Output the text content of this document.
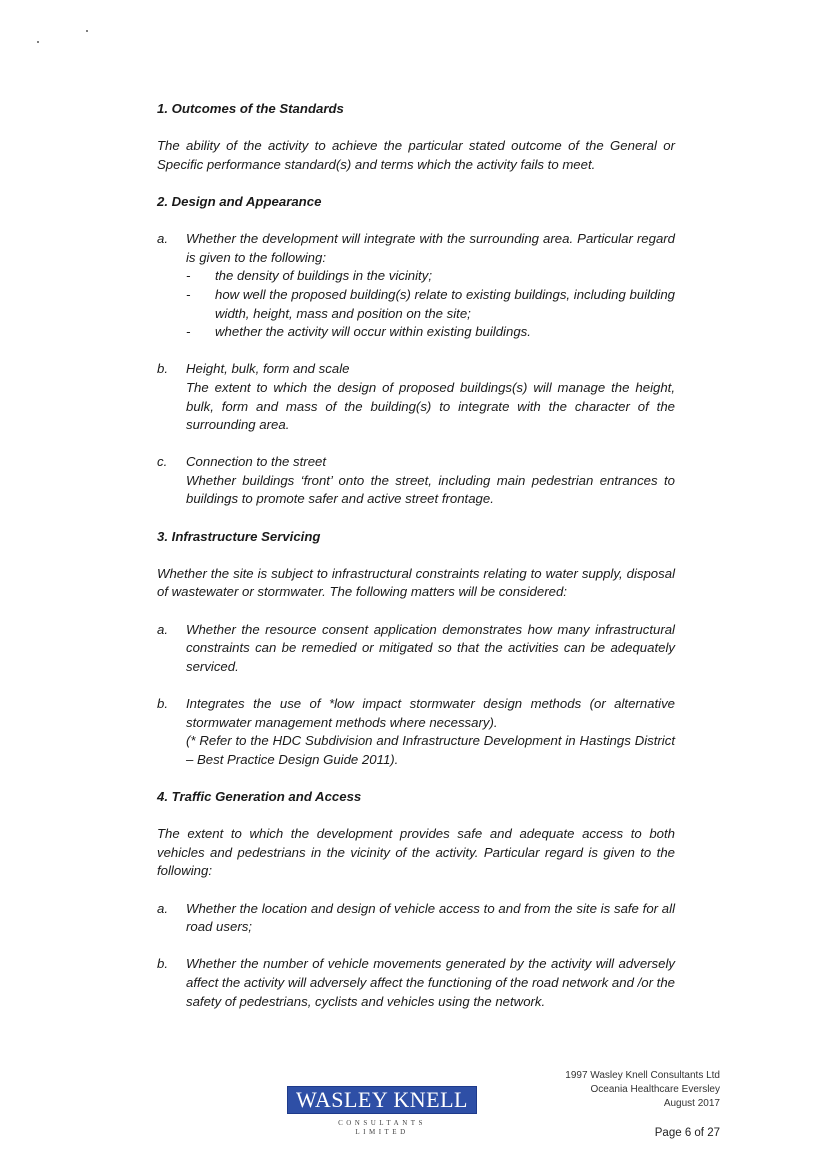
1. Outcomes of the Standards

The ability of the activity to achieve the particular stated outcome of the General or Specific performance standard(s) and terms which the activity fails to meet.

2. Design and Appearance

a.	Whether the development will integrate with the surrounding area. Particular regard is given to the following:
-	the density of buildings in the vicinity;
-	how well the proposed building(s) relate to existing buildings, including building width, height, mass and position on the site;
-	whether the activity will occur within existing buildings.
b.	Height, bulk, form and scale
The extent to which the design of proposed buildings(s) will manage the height, bulk, form and mass of the building(s) to integrate with the character of the surrounding area.
c.	Connection to the street
Whether buildings ‘front’ onto the street, including main pedestrian entrances to buildings to promote safer and active street frontage.

3. Infrastructure Servicing

Whether the site is subject to infrastructural constraints relating to water supply, disposal of wastewater or stormwater. The following matters will be considered:

a.	Whether the resource consent application demonstrates how many infrastructural constraints can be remedied or mitigated so that the activities can be adequately serviced.
b.	Integrates the use of *low impact stormwater design methods (or alternative stormwater management methods where necessary).
(* Refer to the HDC Subdivision and Infrastructure Development in Hastings District – Best Practice Design Guide 2011).

4. Traffic Generation and Access

The extent to which the development provides safe and adequate access to both vehicles and pedestrians in the vicinity of the activity. Particular regard is given to the following:

a.	Whether the location and design of vehicle access to and from the site is safe for all road users;
b.	Whether the number of vehicle movements generated by the activity will adversely affect the activity will adversely affect the functioning of the road network and /or the safety of pedestrians, cyclists and vehicles using the network.
WASLEY KNELL
CONSULTANTS
LIMITED
1997 Wasley Knell Consultants Ltd
Oceania Healthcare Eversley
August 2017
Page 6 of 27
